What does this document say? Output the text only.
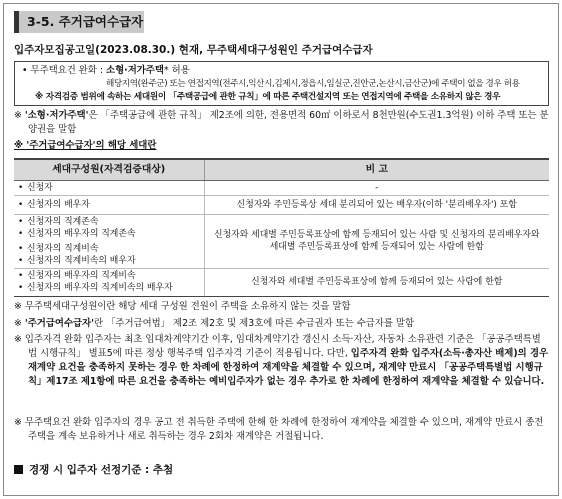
3-5. 주거급여수급자
입주자모집공고일(2023.08.30.) 현재, 무주택세대구성원인 주거급여수급자
• 무주택요건 완화 : 소형·저가주택* 허용
해당지역(완주군) 또는 연접지역(전주시,익산시,김제시,정읍시,임실군,진안군,논산시,금산군)에 주택이 없을 경우 허용
※ 자격검증 범위에 속하는 세대원이 「주택공급에 관한 규칙」에 따른 주택건설지역 또는 연접지역에 주택을 소유하지 않은 경우
※ '소형·저가주택'은 「주택공급에 관한 규칙」 제2조에 의한, 전용면적 60㎡ 이하로서 8천만원(수도권1.3억원) 이하 주택 또는 분양권을 말함
※ '주거급여수급자'의 해당 세대란
세대구성원(자격검증대상)	비 고

• 신청자	-

• 신청자의 배우자	신청자와 주민등록상 세대 분리되어 있는 배우자(이하 '분리배우자') 포함

• 신청자의 직계존속
• 신청자의 배우자의 직계존속
• 신청자의 직계비속
• 신청자의 직계비속의 배우자	신청자와 세대별 주민등록표상에 함께 등재되어 있는 사람 및 신청자의 분리배우자와 세대별 주민등록표상에 함께 등재되어 있는 사람에 한함

• 신청자의 배우자의 직계비속
• 신청자의 배우자의 직계비속의 배우자	신청자와 세대별 주민등록표상에 함께 등재되어 있는 사람에 한함
※ 무주택세대구성원이란 해당 세대 구성원 전원이 주택을 소유하지 않는 것을 말함
※ '주거급여수급자'란 「주거급여법」 제2조 제2호 및 제3호에 따른 수급권자 또는 수급자를 말함
※ 입주자격 완화 입주자는 최초 임대차계약기간 이후, 임대차계약기간 갱신시 소득·자산, 자동차 소유관련 기준은 「공공주택특별법 시행규칙」 별표5에 따른 정상 행복주택 입주자격 기준이 적용됩니다. 다만, 입주자격 완화 입주자(소득·총자산 배제)의 경우 재계약 요건을 충족하지 못하는 경우 한 차례에 한정하여 재계약을 체결할 수 있으며, 재계약 만료시 「공공주택특별법 시행규칙」제17조 제1항에 따른 요건을 충족하는 예비입주자가 없는 경우 추가로 한 차례에 한정하여 재계약을 체결할 수 있습니다.
※ 무주택요건 완화 입주자의 경우 공고 전 취득한 주택에 한해 한 차례에 한정하여 재계약을 체결할 수 있으며, 재계약 만료시 종전 주택을 계속 보유하거나 새로 취득하는 경우 2회차 재계약은 거절됩니다.
경쟁 시 입주자 선정기준 : 추첨
